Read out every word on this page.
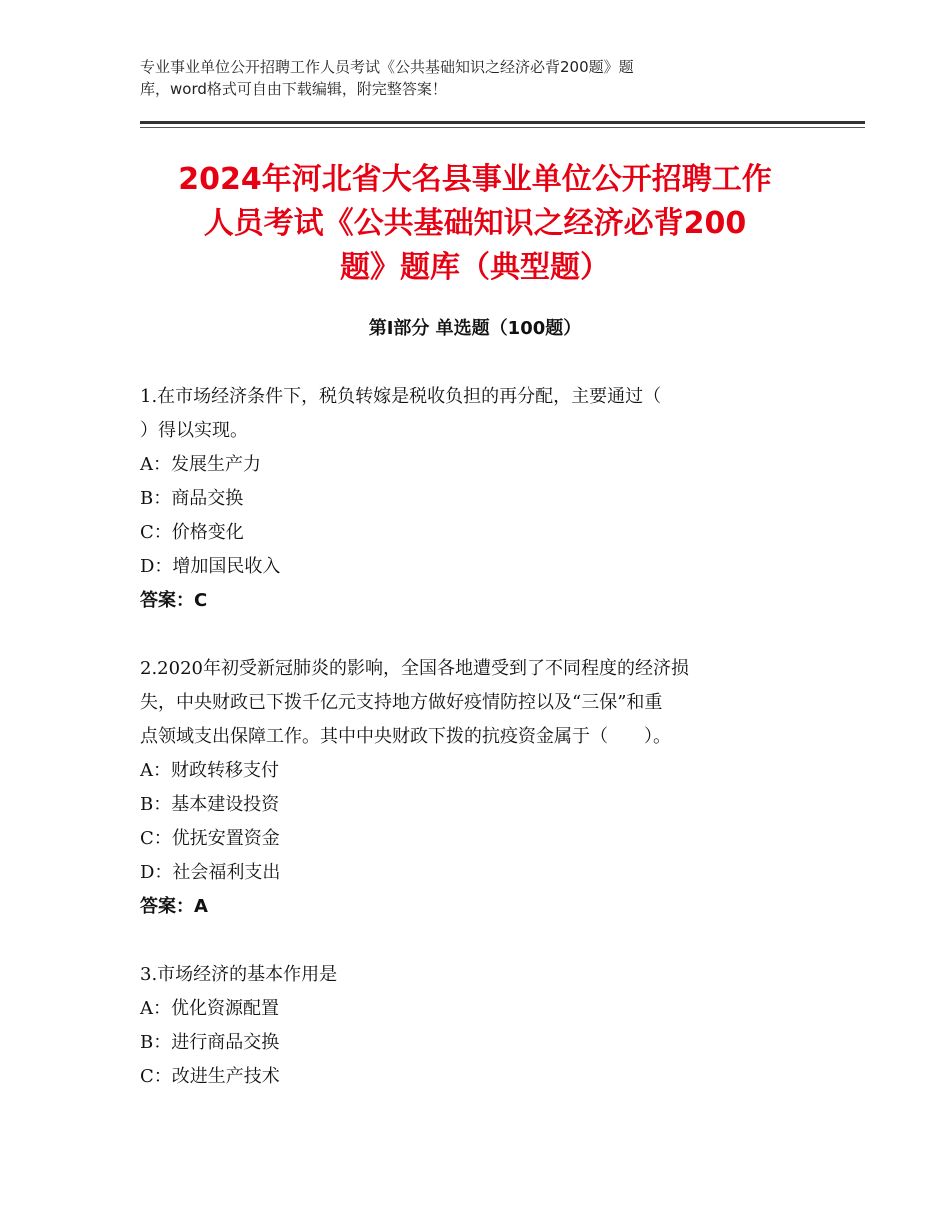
专业事业单位公开招聘工作人员考试《公共基础知识之经济必背200题》题
库，word格式可自由下载编辑，附完整答案！
2024年河北省大名县事业单位公开招聘工作
人员考试《公共基础知识之经济必背200
题》题库（典型题）
第Ⅰ部分 单选题（100题）
1.在市场经济条件下，税负转嫁是税收负担的再分配，主要通过（
）得以实现。
A：发展生产力
B：商品交换
C：价格变化
D：增加国民收入
答案：C
2.2020年初受新冠肺炎的影响，全国各地遭受到了不同程度的经济损
失，中央财政已下拨千亿元支持地方做好疫情防控以及“三保”和重
点领域支出保障工作。其中中央财政下拨的抗疫资金属于（　　）。
A：财政转移支付
B：基本建设投资
C：优抚安置资金
D：社会福利支出
答案：A
3.市场经济的基本作用是
A：优化资源配置
B：进行商品交换
C：改进生产技术
